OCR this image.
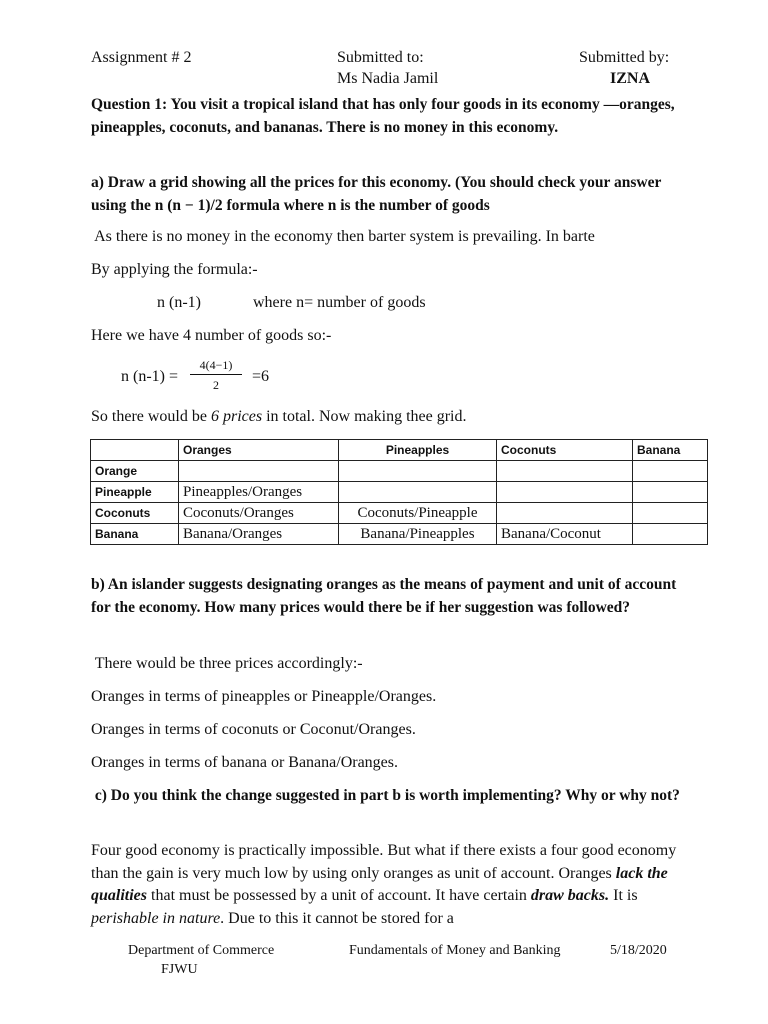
Assignment # 2	Submitted to:
Ms Nadia Jamil
Submitted by:
IZNA
Question 1: You visit a tropical island that has only four goods in its economy —oranges, pineapples, coconuts, and bananas. There is no money in this economy.
a) Draw a grid showing all the prices for this economy. (You should check your answer using the n (n − 1)/2 formula where n is the number of goods
As there is no money in the economy then barter system is prevailing. In barte
By applying the formula:-
n (n-1)	where n= number of goods
Here we have 4 number of goods so:-
n (n-1) =
4(4−1)
2	=6
So there would be 6 prices in total. Now making thee grid.
	Oranges	Pineapples	Coconuts	Banana
Orange				
Pineapple	Pineapples/Oranges			
Coconuts	Coconuts/Oranges	Coconuts/Pineapple		
Banana	Banana/Oranges	Banana/Pineapples	Banana/Coconut	
b) An islander suggests designating oranges as the means of payment and unit of account for the economy. How many prices would there be if her suggestion was followed?
There would be three prices accordingly:-
Oranges in terms of pineapples or Pineapple/Oranges.
Oranges in terms of coconuts or Coconut/Oranges.
Oranges in terms of banana or Banana/Oranges.
c) Do you think the change suggested in part b is worth implementing? Why or why not?
Four good economy is practically impossible. But what if there exists a four good economy than the gain is very much low by using only oranges as unit of account. Oranges lack the qualities that must be possessed by a unit of account. It have certain draw backs. It is perishable in nature. Due to this it cannot be stored for a
Department of Commerce
FJWU
Fundamentals of Money and Banking	5/18/2020
